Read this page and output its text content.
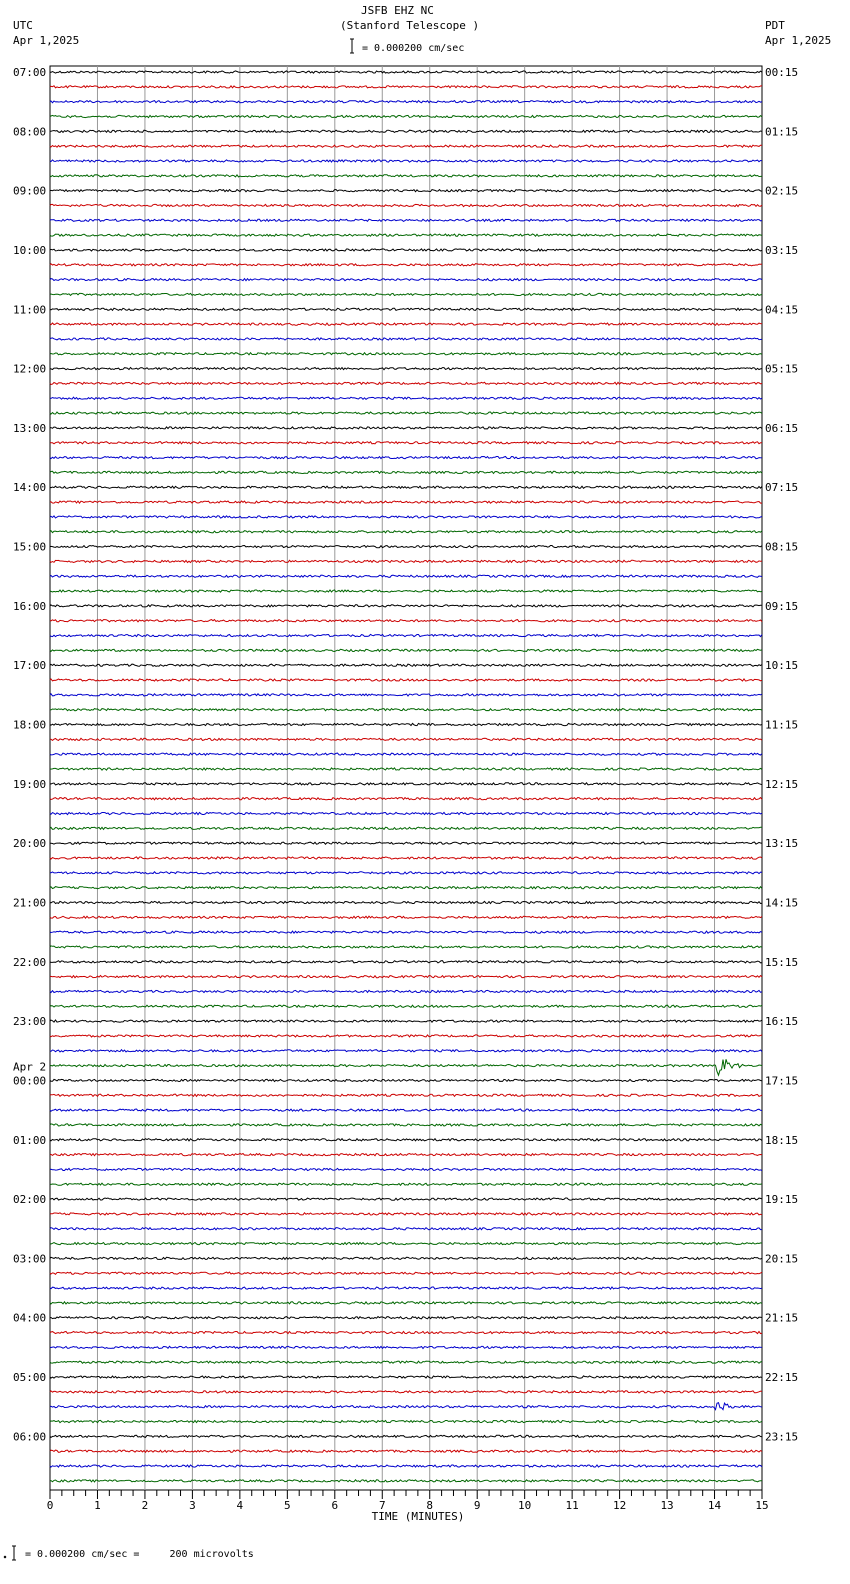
JSFB EHZ NC
(Stanford Telescope )
= 0.000200 cm/sec
UTC
Apr 1,2025
PDT
Apr 1,2025
= 0.000200 cm/sec =     200 microvolts
07:00	00:15
08:00	01:15
09:00	02:15
10:00	03:15
11:00	04:15
12:00	05:15
13:00	06:15
14:00	07:15
15:00	08:15
16:00	09:15
17:00	10:15
18:00	11:15
19:00	12:15
20:00	13:15
21:00	14:15
22:00	15:15
23:00	16:15
Apr 2
00:00	17:15
01:00	18:15
02:00	19:15
03:00	20:15
04:00	21:15
05:00	22:15
06:00	23:15
0	1	2	3	4	5	6	7	8	9	10	11	12	13	14	15
TIME (MINUTES)
